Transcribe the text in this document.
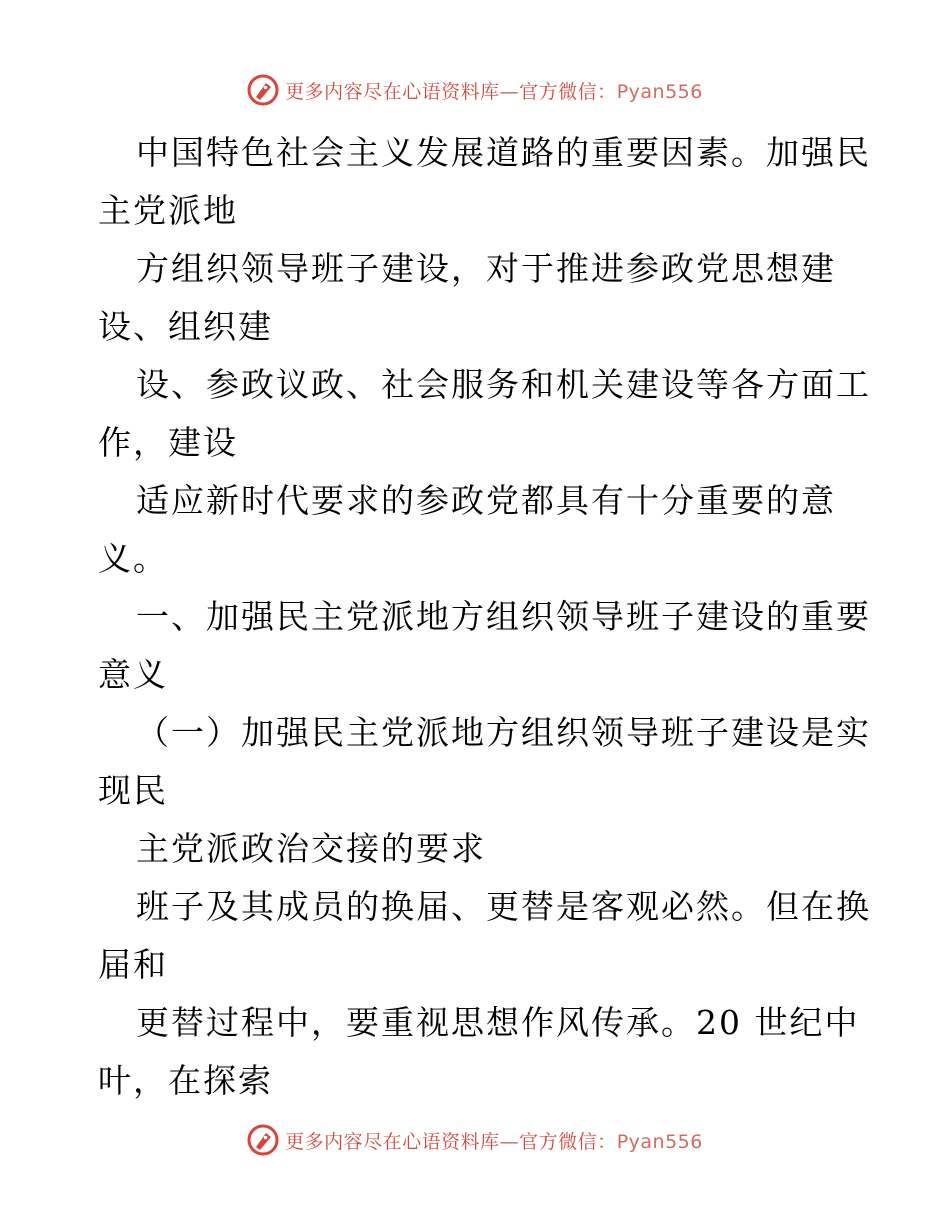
更多内容尽在心语资料库—官方微信：Pyan556
中国特色社会主义发展道路的重要因素。加强民
主党派地
方组织领导班子建设，对于推进参政党思想建
设、组织建
设、参政议政、社会服务和机关建设等各方面工
作，建设
适应新时代要求的参政党都具有十分重要的意
义。
一、加强民主党派地方组织领导班子建设的重要
意义
（一）加强民主党派地方组织领导班子建设是实
现民
主党派政治交接的要求
班子及其成员的换届、更替是客观必然。但在换
届和
更替过程中，要重视思想作风传承。20 世纪中
叶，在探索
更多内容尽在心语资料库—官方微信：Pyan556
